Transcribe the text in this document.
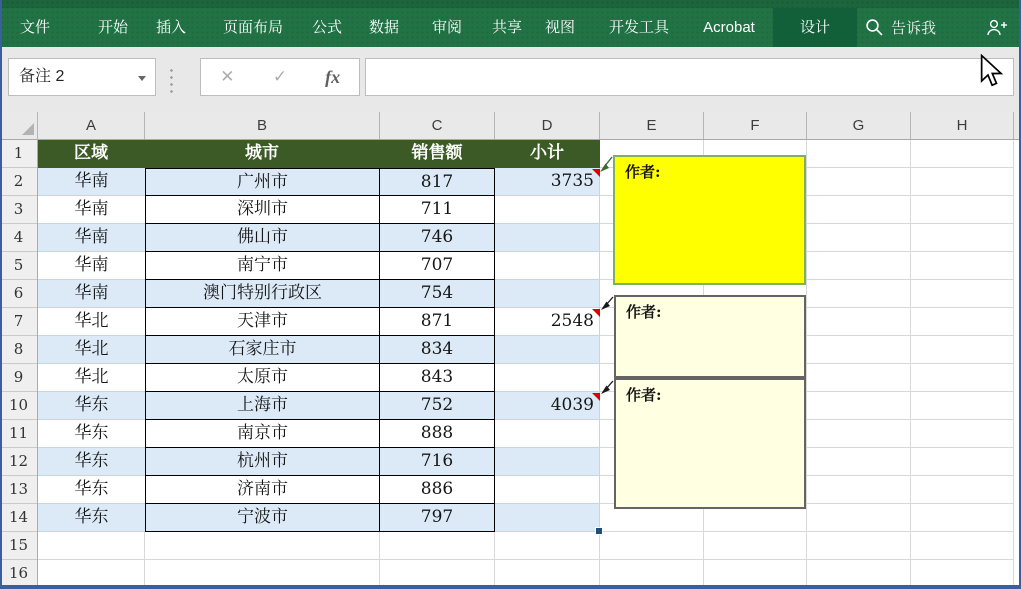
文件	开始 插入 页面布局 公式 数据 审阅 共享 视图 开发工具 Acrobat	设计	告诉我
备注 2	✕	✓	fx
A	B	C	D	E	F	G	H
1
2
3
4
5
6
7
8
9
10
11
12
13
14
15
16
区域	城市	销售额	小计
华南	广州市	817	3735
华南	深圳市	711
华南	佛山市	746
华南	南宁市	707
华南	澳门特别行政区	754
华北	天津市	871	2548
华北	石家庄市	834
华北	太原市	843
华东	上海市	752	4039
华东	南京市	888
华东	杭州市	716
华东	济南市	886
华东	宁波市	797
作者:
作者:
作者:
